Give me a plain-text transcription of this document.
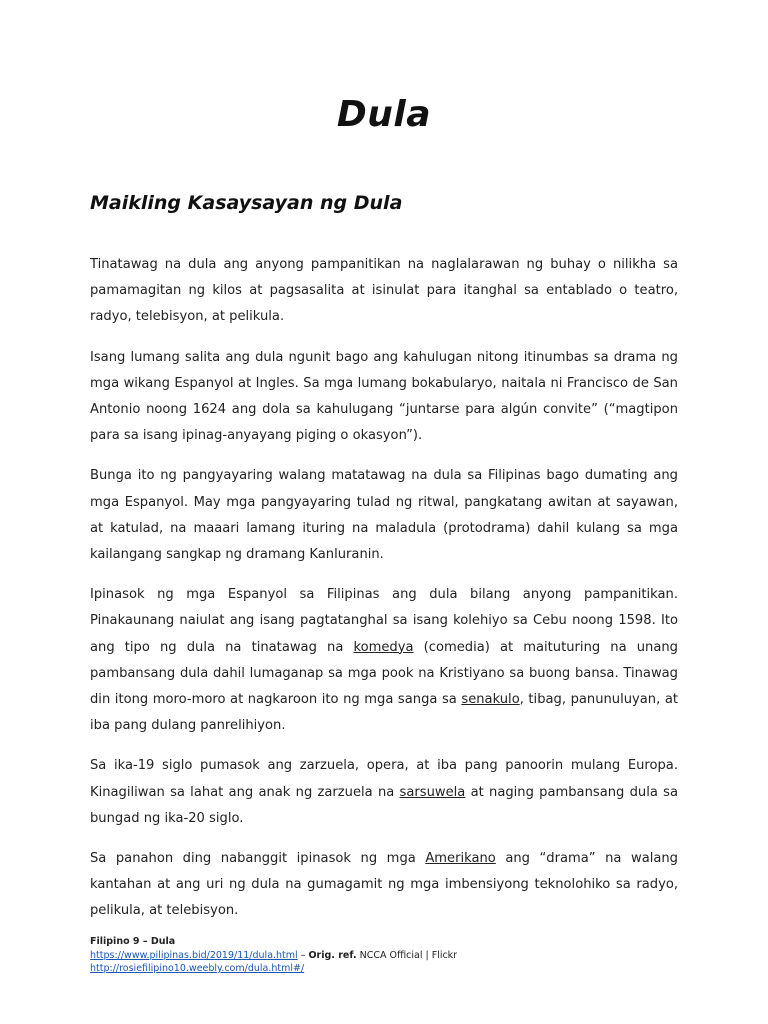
Dula
Maikling Kasaysayan ng Dula

Tinatawag na dula ang anyong pampanitikan na naglalarawan ng buhay o nilikha sa pamamagitan ng kilos at pagsasalita at isinulat para itanghal sa entablado o teatro, radyo, telebisyon, at pelikula.

Isang lumang salita ang dula ngunit bago ang kahulugan nitong itinumbas sa drama ng mga wikang Espanyol at Ingles. Sa mga lumang bokabularyo, naitala ni Francisco de San Antonio noong 1624 ang dola sa kahulugang “juntarse para algún convite” (“magtipon para sa isang ipinag-anyayang piging o okasyon”).

Bunga ito ng pangyayaring walang matatawag na dula sa Filipinas bago dumating ang mga Espanyol. May mga pangyayaring tulad ng ritwal, pangkatang awitan at sayawan, at katulad, na maaari lamang ituring na maladula (protodrama) dahil kulang sa mga kailangang sangkap ng dramang Kanluranin.

Ipinasok ng mga Espanyol sa Filipinas ang dula bilang anyong pampanitikan. Pinakaunang naiulat ang isang pagtatanghal sa isang kolehiyo sa Cebu noong 1598. Ito ang tipo ng dula na tinatawag na komedya (comedia) at maituturing na unang pambansang dula dahil lumaganap sa mga pook na Kristiyano sa buong bansa. Tinawag din itong moro-moro at nagkaroon ito ng mga sanga sa senakulo, tibag, panunuluyan, at iba pang dulang panrelihiyon.

Sa ika-19 siglo pumasok ang zarzuela, opera, at iba pang panoorin mulang Europa. Kinagiliwan sa lahat ang anak ng zarzuela na sarsuwela at naging pambansang dula sa bungad ng ika-20 siglo.

Sa panahon ding nabanggit ipinasok ng mga Amerikano ang “drama” na walang kantahan at ang uri ng dula na gumagamit ng mga imbensiyong teknolohiko sa radyo, pelikula, at telebisyon.

Filipino 9 – Dula

https://www.pilipinas.bid/2019/11/dula.html – Orig. ref. NCCA Official | Flickr

http://rosiefilipino10.weebly.com/dula.html#/
